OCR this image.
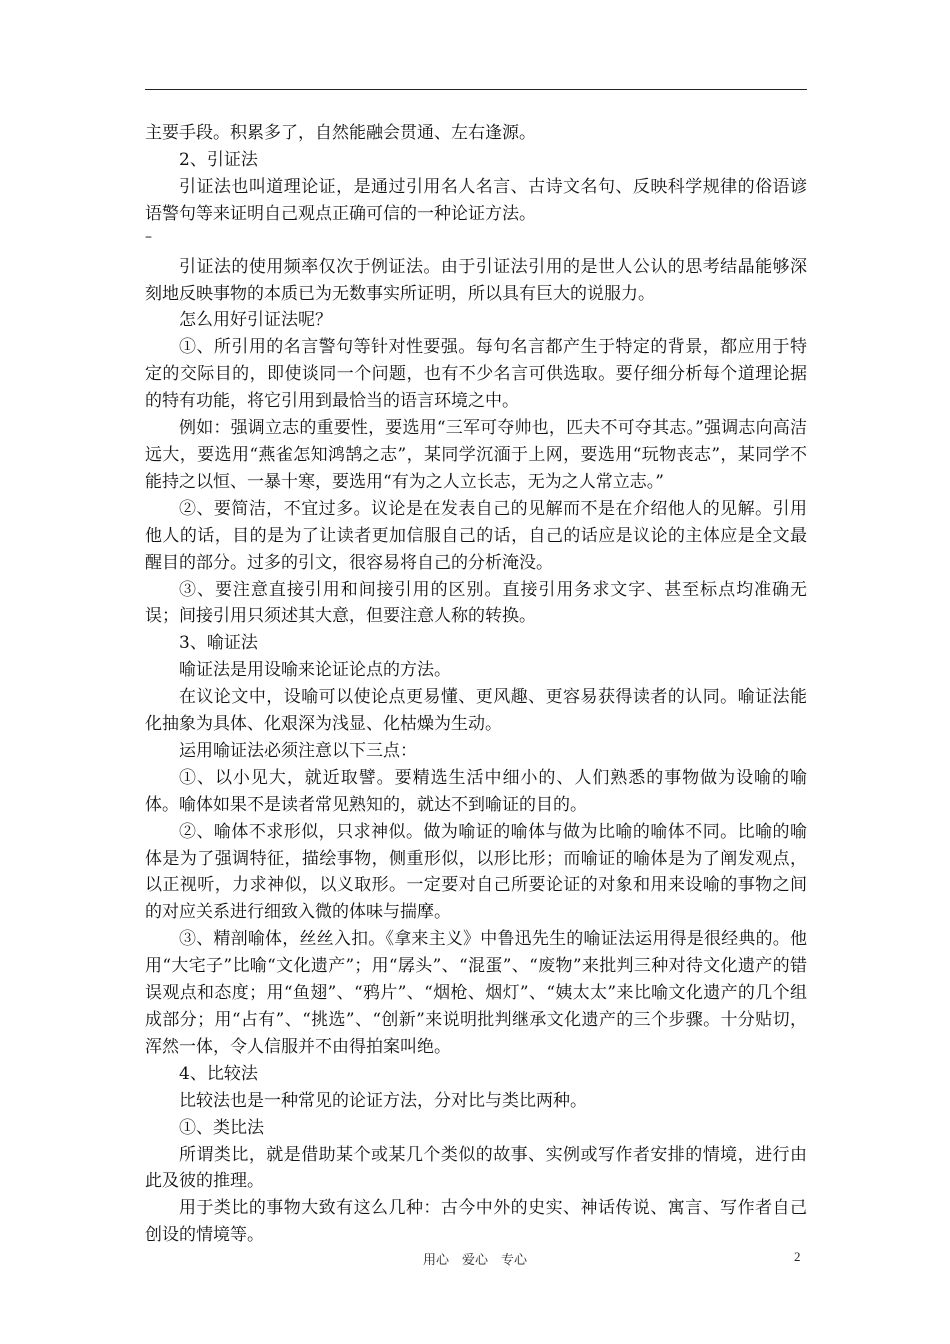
主要手段。积累多了，自然能融会贯通、左右逢源。

2、引证法

引证法也叫道理论证，是通过引用名人名言、古诗文名句、反映科学规律的俗语谚语警句等来证明自己观点正确可信的一种论证方法。

–

引证法的使用频率仅次于例证法。由于引证法引用的是世人公认的思考结晶能够深刻地反映事物的本质已为无数事实所证明，所以具有巨大的说服力。

怎么用好引证法呢？

①、所引用的名言警句等针对性要强。每句名言都产生于特定的背景，都应用于特定的交际目的，即使谈同一个问题，也有不少名言可供选取。要仔细分析每个道理论据的特有功能，将它引用到最恰当的语言环境之中。

例如：强调立志的重要性，要选用“三军可夺帅也，匹夫不可夺其志。”强调志向高洁远大，要选用“燕雀怎知鸿鹄之志”，某同学沉湎于上网，要选用“玩物丧志”，某同学不能持之以恒、一暴十寒，要选用“有为之人立长志，无为之人常立志。”

②、要简洁，不宜过多。议论是在发表自己的见解而不是在介绍他人的见解。引用他人的话，目的是为了让读者更加信服自己的话，自己的话应是议论的主体应是全文最醒目的部分。过多的引文，很容易将自己的分析淹没。

③、要注意直接引用和间接引用的区别。直接引用务求文字、甚至标点均准确无误；间接引用只须述其大意，但要注意人称的转换。

3、喻证法

喻证法是用设喻来论证论点的方法。

在议论文中，设喻可以使论点更易懂、更风趣、更容易获得读者的认同。喻证法能化抽象为具体、化艰深为浅显、化枯燥为生动。

运用喻证法必须注意以下三点：

①、以小见大，就近取譬。要精选生活中细小的、人们熟悉的事物做为设喻的喻体。喻体如果不是读者常见熟知的，就达不到喻证的目的。

②、喻体不求形似，只求神似。做为喻证的喻体与做为比喻的喻体不同。比喻的喻体是为了强调特征，描绘事物，侧重形似，以形比形；而喻证的喻体是为了阐发观点，以正视听，力求神似，以义取形。一定要对自己所要论证的对象和用来设喻的事物之间的对应关系进行细致入微的体味与揣摩。

③、精剖喻体，丝丝入扣。《拿来主义》中鲁迅先生的喻证法运用得是很经典的。他用“大宅子”比喻“文化遗产”；用“孱头”、“混蛋”、“废物”来批判三种对待文化遗产的错误观点和态度；用“鱼翅”、“鸦片”、“烟枪、烟灯”、“姨太太”来比喻文化遗产的几个组成部分；用“占有”、“挑选”、“创新”来说明批判继承文化遗产的三个步骤。十分贴切，浑然一体，令人信服并不由得拍案叫绝。

4、比较法

比较法也是一种常见的论证方法，分对比与类比两种。

①、类比法

所谓类比，就是借助某个或某几个类似的故事、实例或写作者安排的情境，进行由此及彼的推理。

用于类比的事物大致有这么几种：古今中外的史实、神话传说、寓言、写作者自己创设的情境等。

用心　爱心　专心	2
